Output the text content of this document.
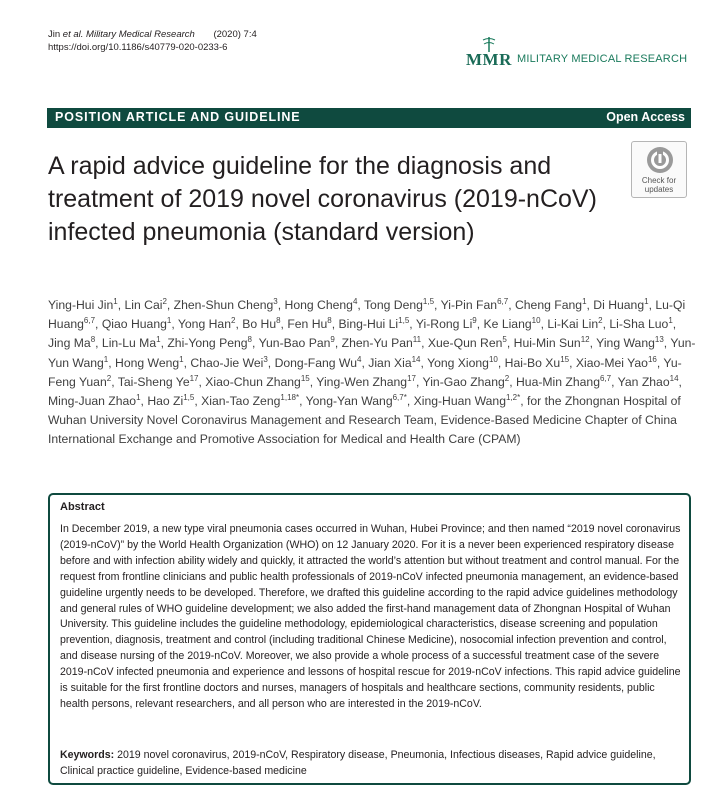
Jin et al. Military Medical Research (2020) 7:4
https://doi.org/10.1186/s40779-020-0233-6
MMR MILITARY MEDICAL RESEARCH
POSITION ARTICLE AND GUIDELINE	Open Access
A rapid advice guideline for the diagnosis and treatment of 2019 novel coronavirus (2019-nCoV) infected pneumonia (standard version)
Check for
updates
Ying-Hui Jin$^1$, Lin Cai$^2$, Zhen-Shun Cheng$^3$, Hong Cheng$^4$, Tong Deng$^{1,5}$, Yi-Pin Fan$^{6,7}$, Cheng Fang$^1$, Di Huang$^1$, Lu-Qi Huang$^{6,7}$, Qiao Huang$^1$, Yong Han$^2$, Bo Hu$^8$, Fen Hu$^8$, Bing-Hui Li$^{1,5}$, Yi-Rong Li$^9$, Ke Liang$^{10}$, Li-Kai Lin$^2$, Li-Sha Luo$^1$, Jing Ma$^8$, Lin-Lu Ma$^1$, Zhi-Yong Peng$^8$, Yun-Bao Pan$^9$, Zhen-Yu Pan$^{11}$, Xue-Qun Ren$^5$, Hui-Min Sun$^{12}$, Ying Wang$^{13}$, Yun-Yun Wang$^1$, Hong Weng$^1$, Chao-Jie Wei$^3$, Dong-Fang Wu$^4$, Jian Xia$^{14}$, Yong Xiong$^{10}$, Hai-Bo Xu$^{15}$, Xiao-Mei Yao$^{16}$, Yu-Feng Yuan$^2$, Tai-Sheng Ye$^{17}$, Xiao-Chun Zhang$^{15}$, Ying-Wen Zhang$^{17}$, Yin-Gao Zhang$^2$, Hua-Min Zhang$^{6,7}$, Yan Zhao$^{14}$, Ming-Juan Zhao$^1$, Hao Zi$^{1,5}$, Xian-Tao Zeng$^{1,18*}$, Yong-Yan Wang$^{6,7*}$, Xing-Huan Wang$^{1,2*}$, for the Zhongnan Hospital of Wuhan University Novel Coronavirus Management and Research Team, Evidence-Based Medicine Chapter of China International Exchange and Promotive Association for Medical and Health Care (CPAM)
Abstract
In December 2019, a new type viral pneumonia cases occurred in Wuhan, Hubei Province; and then named “2019 novel coronavirus (2019-nCoV)” by the World Health Organization (WHO) on 12 January 2020. For it is a never been experienced respiratory disease before and with infection ability widely and quickly, it attracted the world’s attention but without treatment and control manual. For the request from frontline clinicians and public health professionals of 2019-nCoV infected pneumonia management, an evidence-based guideline urgently needs to be developed. Therefore, we drafted this guideline according to the rapid advice guidelines methodology and general rules of WHO guideline development; we also added the first-hand management data of Zhongnan Hospital of Wuhan University. This guideline includes the guideline methodology, epidemiological characteristics, disease screening and population prevention, diagnosis, treatment and control (including traditional Chinese Medicine), nosocomial infection prevention and control, and disease nursing of the 2019-nCoV. Moreover, we also provide a whole process of a successful treatment case of the severe 2019-nCoV infected pneumonia and experience and lessons of hospital rescue for 2019-nCoV infections. This rapid advice guideline is suitable for the first frontline doctors and nurses, managers of hospitals and healthcare sections, community residents, public health persons, relevant researchers, and all person who are interested in the 2019-nCoV.
Keywords: 2019 novel coronavirus, 2019-nCoV, Respiratory disease, Pneumonia, Infectious diseases, Rapid advice guideline, Clinical practice guideline, Evidence-based medicine
